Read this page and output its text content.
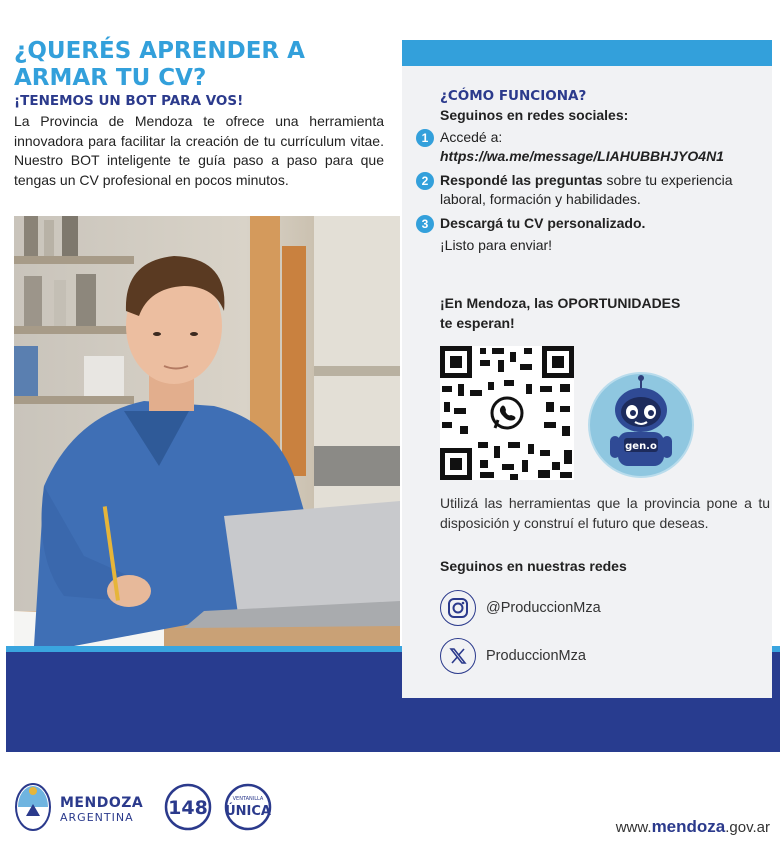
¿QUERÉS APRENDER A
ARMAR TU CV?

¡TENEMOS UN BOT PARA VOS!

La Provincia de Mendoza te ofrece una herramienta innovadora para facilitar la creación de tu currículum vitae. Nuestro BOT inteligente te guía paso a paso para que tengas un CV profesional en pocos minutos.

¿CÓMO FUNCIONA?

Seguinos en redes sociales:

1 Accedé a:
https://wa.me/message/LIAHUBBHJYO4N1
2 Respondé las preguntas sobre tu experiencia laboral, formación y habilidades.
3 Descargá tu CV personalizado.
¡Listo para enviar!

¡En Mendoza, las OPORTUNIDADES
te esperan!

gen.o

Utilizá las herramientas que la provincia pone a tu disposición y construí el futuro que deseas.

Seguinos en nuestras redes

@ProduccionMza
ProduccionMza
MENDOZA
ARGENTINA	148	VENTANILLA
ÚNICA
www.mendoza.gov.ar
